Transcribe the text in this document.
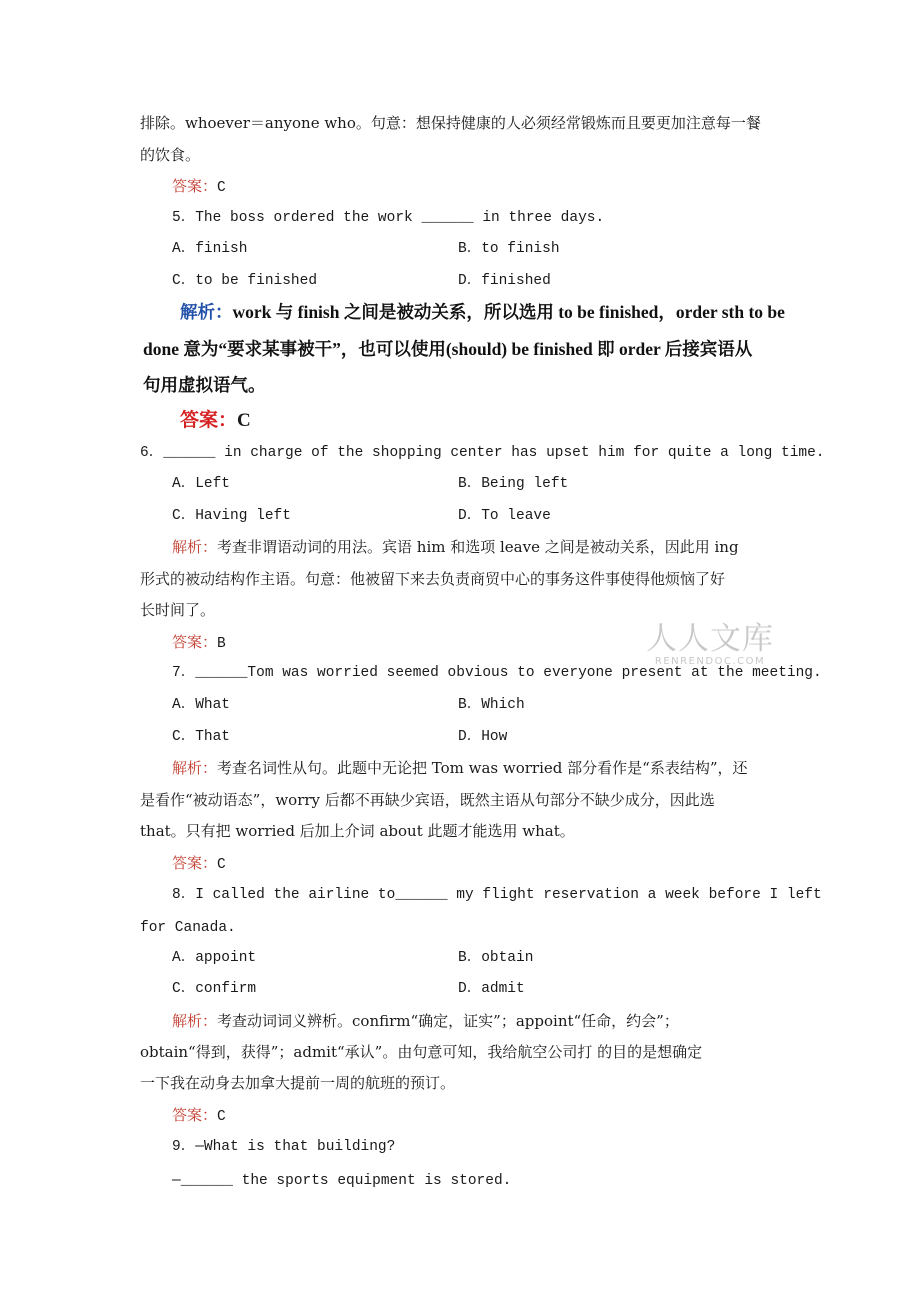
排除。whoever＝anyone who。句意：想保持健康的人必须经常锻炼而且要更加注意每一餐
的饮食。
答案：C
5．The boss ordered the work ______ in three days.
A．finish	B．to finish
C．to be finished	D．finished
解析：work 与 finish 之间是被动关系，所以选用 to be finished，order sth to be
done 意为“要求某事被干”，也可以使用(should) be finished 即 order 后接宾语从
句用虚拟语气。
答案：C
6．______ in charge of the shopping center has upset him for quite a long time.
A．Left	B．Being left
C．Having left	D．To leave
解析：考查非谓语动词的用法。宾语 him 和选项 leave 之间是被动关系，因此用 ing
形式的被动结构作主语。句意：他被留下来去负责商贸中心的事务这件事使得他烦恼了好
长时间了。
答案：B	人人文库
RENRENDOC.COM
7．______Tom was worried seemed obvious to everyone present at the meeting.
A．What	B．Which
C．That	D．How
解析：考查名词性从句。此题中无论把 Tom was worried 部分看作是“系表结构”，还
是看作“被动语态”，worry 后都不再缺少宾语，既然主语从句部分不缺少成分，因此选
that。只有把 worried 后加上介词 about 此题才能选用 what。
答案：C
8．I called the airline to______ my flight reservation a week before I left
for Canada.
A．appoint	B．obtain
C．confirm	D．admit
解析：考查动词词义辨析。confirm“确定，证实”；appoint“任命，约会”；
obtain“得到，获得”；admit“承认”。由句意可知，我给航空公司打 的目的是想确定
一下我在动身去加拿大提前一周的航班的预订。
答案：C
9．—What is that building?
—______ the sports equipment is stored.
